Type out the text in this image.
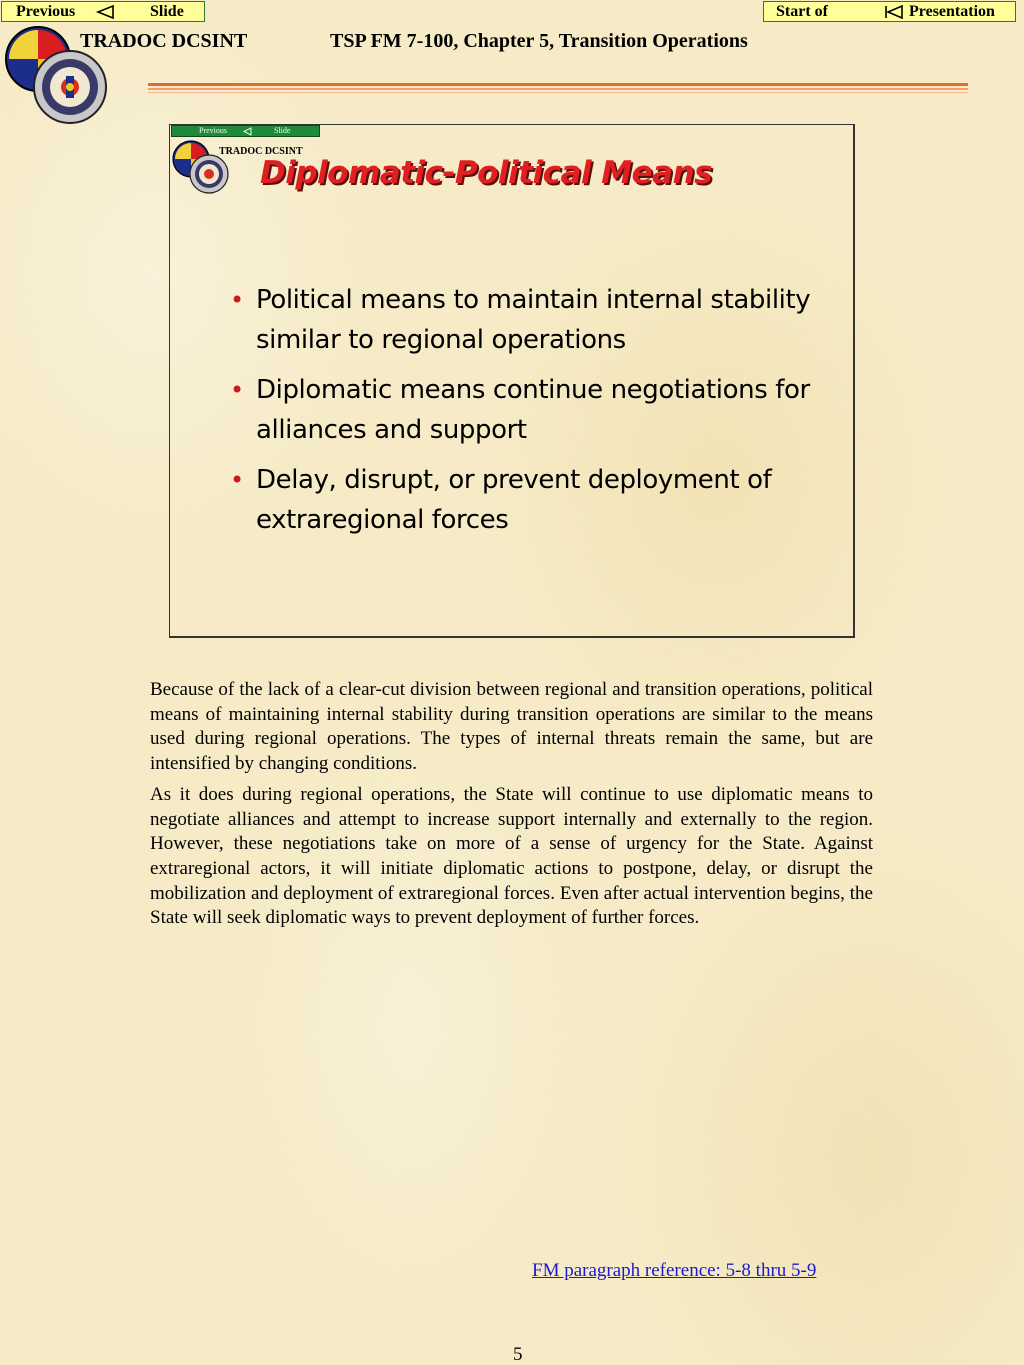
Previous	Slide	Start of	Presentation
TRADOC DCSINT	TSP FM 7-100, Chapter 5, Transition Operations
Previous	Slide
TRADOC DCSINT
Diplomatic-Political Means
• Political means to maintain internal stability similar to regional operations
• Diplomatic means continue negotiations for alliances and support
• Delay, disrupt, or prevent deployment of extraregional forces

Because of the lack of a clear-cut division between regional and transition operations, political means of maintaining internal stability during transition operations are similar to the means used during regional operations. The types of internal threats remain the same, but are intensified by changing conditions.

As it does during regional operations, the State will continue to use diplomatic means to negotiate alliances and attempt to increase support internally and externally to the region. However, these negotiations take on more of a sense of urgency for the State. Against extraregional actors, it will initiate diplomatic actions to postpone, delay, or disrupt the mobilization and deployment of extraregional forces. Even after actual intervention begins, the State will seek diplomatic ways to prevent deployment of further forces.

FM paragraph reference: 5-8 thru 5-9
5
